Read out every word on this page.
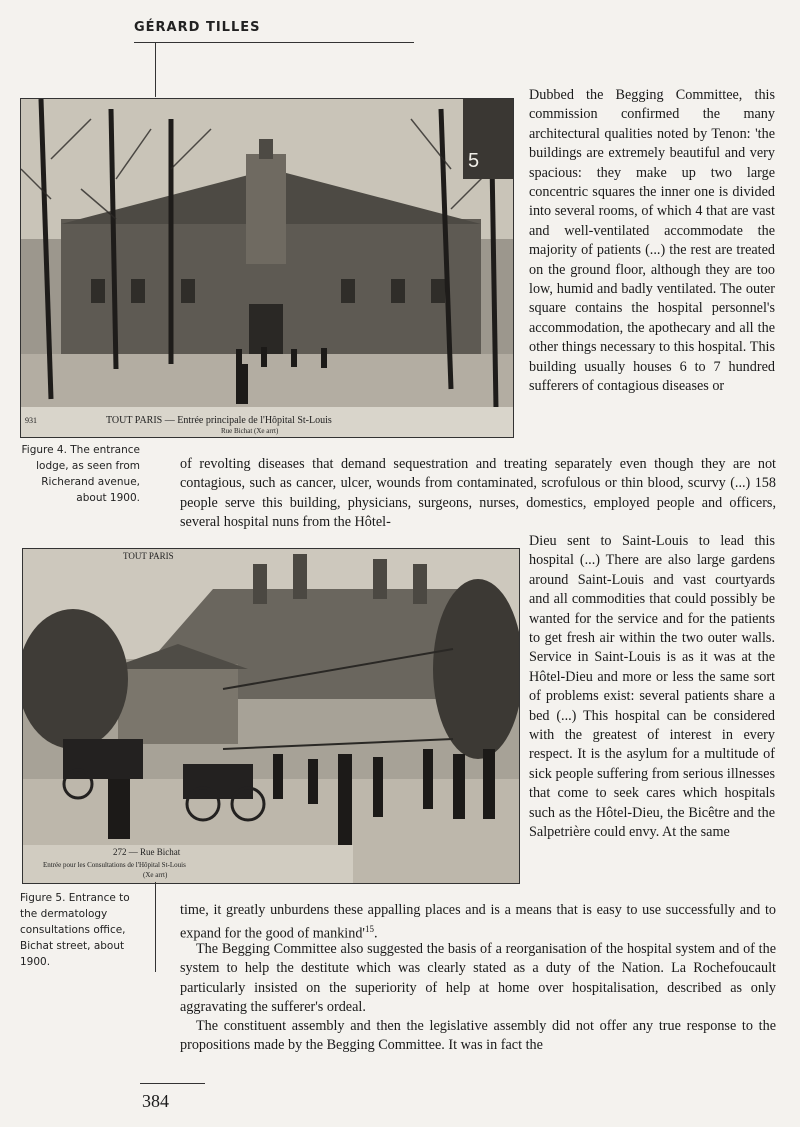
GÉRARD TILLES
5
931	TOUT PARIS — Entrée principale de l'Hôpital St-Louis
Rue Bichat (Xe arrt)
Figure 4. The entrance lodge, as seen from Richerand avenue, about 1900.
TOUT PARIS
272 — Rue Bichat
Entrée pour les Consultations de l'Hôpital St-Louis
(Xe arrt)
Figure 5. Entrance to the dermatology consultations office, Bichat street, about 1900.

Dubbed the Begging Committee, this commission confirmed the many architectural qualities noted by Tenon: 'the buildings are extremely beautiful and very spacious: they make up two large concentric squares the inner one is divided into several rooms, of which 4 that are vast and well-ventilated accommodate the majority of patients (...) the rest are treated on the ground floor, although they are too low, humid and badly ventilated. The outer square contains the hospital personnel's accommodation, the apothecary and all the other things necessary to this hospital. This building usually houses 6 to 7 hundred sufferers of contagious diseases or

of revolting diseases that demand sequestration and treating separately even though they are not contagious, such as cancer, ulcer, wounds from contaminated, scrofulous or thin blood, scurvy (...) 158 people serve this building, physicians, surgeons, nurses, domestics, employed people and officers, several hospital nuns from the Hôtel-

Dieu sent to Saint-Louis to lead this hospital (...) There are also large gardens around Saint-Louis and vast courtyards and all commodities that could possibly be wanted for the service and for the patients to get fresh air within the two outer walls. Service in Saint-Louis is as it was at the Hôtel-Dieu and more or less the same sort of problems exist: several patients share a bed (...) This hospital can be considered with the greatest of interest in every respect. It is the asylum for a multitude of sick people suffering from serious illnesses that come to seek cares which hospitals such as the Hôtel-Dieu, the Bicêtre and the Salpetrière could envy. At the same

time, it greatly unburdens these appalling places and is a means that is easy to use successfully and to expand for the good of $mankind'^{15}$.

The Begging Committee also suggested the basis of a reorganisation of the hospital system and of the system to help the destitute which was clearly stated as a duty of the Nation. La Rochefoucault particularly insisted on the superiority of help at home over hospitalisation, described as only aggravating the sufferer's ordeal.

The constituent assembly and then the legislative assembly did not offer any true response to the propositions made by the Begging Committee. It was in fact the

384
